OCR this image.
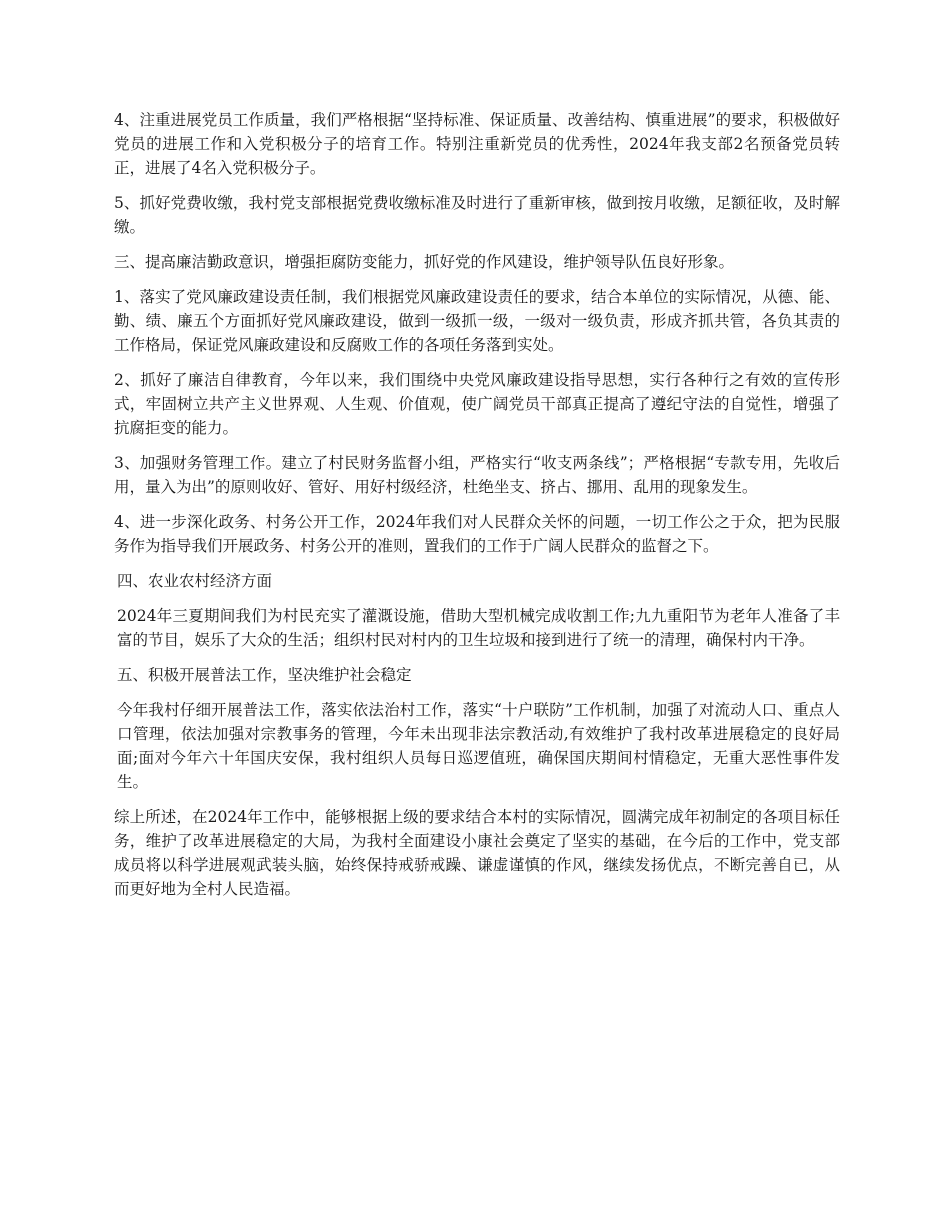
4、注重进展党员工作质量，我们严格根据“坚持标准、保证质量、改善结构、慎重进展”的要求，积极做好党员的进展工作和入党积极分子的培育工作。特别注重新党员的优秀性，2024年我支部2名预备党员转正，进展了4名入党积极分子。

5、抓好党费收缴，我村党支部根据党费收缴标准及时进行了重新审核，做到按月收缴，足额征收，及时解缴。

三、提高廉洁勤政意识，增强拒腐防变能力，抓好党的作风建设，维护领导队伍良好形象。

1、落实了党风廉政建设责任制，我们根据党风廉政建设责任的要求，结合本单位的实际情况，从德、能、勤、绩、廉五个方面抓好党风廉政建设，做到一级抓一级，一级对一级负责，形成齐抓共管，各负其责的工作格局，保证党风廉政建设和反腐败工作的各项任务落到实处。

2、抓好了廉洁自律教育，今年以来，我们围绕中央党风廉政建设指导思想，实行各种行之有效的宣传形式，牢固树立共产主义世界观、人生观、价值观，使广阔党员干部真正提高了遵纪守法的自觉性，增强了抗腐拒变的能力。

3、加强财务管理工作。建立了村民财务监督小组，严格实行“收支两条线”；严格根据“专款专用，先收后用，量入为出”的原则收好、管好、用好村级经济，杜绝坐支、挤占、挪用、乱用的现象发生。

4、进一步深化政务、村务公开工作，2024年我们对人民群众关怀的问题，一切工作公之于众，把为民服务作为指导我们开展政务、村务公开的准则，置我们的工作于广阔人民群众的监督之下。

四、农业农村经济方面

2024年三夏期间我们为村民充实了灌溉设施，借助大型机械完成收割工作;九九重阳节为老年人准备了丰富的节目，娱乐了大众的生活；组织村民对村内的卫生垃圾和接到进行了统一的清理，确保村内干净。

五、积极开展普法工作，坚决维护社会稳定

今年我村仔细开展普法工作，落实依法治村工作，落实“十户联防”工作机制，加强了对流动人口、重点人口管理，依法加强对宗教事务的管理，今年未出现非法宗教活动,有效维护了我村改革进展稳定的良好局面;面对今年六十年国庆安保，我村组织人员每日巡逻值班，确保国庆期间村情稳定，无重大恶性事件发生。

综上所述，在2024年工作中，能够根据上级的要求结合本村的实际情况，圆满完成年初制定的各项目标任务，维护了改革进展稳定的大局，为我村全面建设小康社会奠定了坚实的基础，在今后的工作中，党支部成员将以科学进展观武装头脑，始终保持戒骄戒躁、谦虚谨慎的作风，继续发扬优点，不断完善自已，从而更好地为全村人民造福。
